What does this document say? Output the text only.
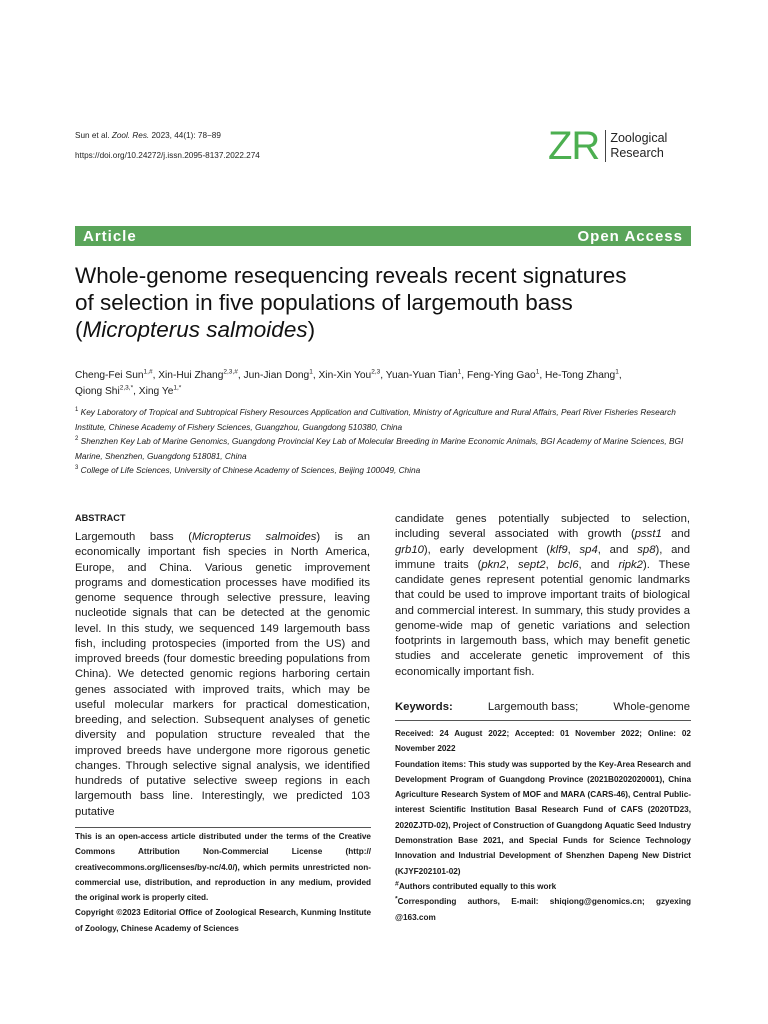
Sun et al. Zool. Res. 2023, 44(1): 78−89
https://doi.org/10.24272/j.issn.2095-8137.2022.274	ZR Zoological
Research
Article	Open Access
Whole-genome resequencing reveals recent signatures
of selection in five populations of largemouth bass
(Micropterus salmoides)
Cheng-Fei Sun$^{1,\#}$, Xin-Hui Zhang$^{2,3,\#}$, Jun-Jian Dong$^1$, Xin-Xin You$^{2,3}$, Yuan-Yuan Tian$^1$, Feng-Ying Gao$^1$, He-Tong Zhang$^1$,
Qiong Shi$^{2,3,*}$, Xing $Ye^{1,*}$
$^1$ Key Laboratory of Tropical and Subtropical Fishery Resources Application and Cultivation, Ministry of Agriculture and Rural Affairs, Pearl River Fisheries Research Institute, Chinese Academy of Fishery Sciences, Guangzhou, Guangdong 510380, China
$^2$ Shenzhen Key Lab of Marine Genomics, Guangdong Provincial Key Lab of Molecular Breeding in Marine Economic Animals, BGI Academy of Marine Sciences, BGI Marine, Shenzhen, Guangdong 518081, China
$^3$ College of Life Sciences, University of Chinese Academy of Sciences, Beijing 100049, China
ABSTRACT
Largemouth bass (Micropterus salmoides) is an economically important fish species in North America, Europe, and China. Various genetic improvement programs and domestication processes have modified its genome sequence through selective pressure, leaving nucleotide signals that can be detected at the genomic level. In this study, we sequenced 149 largemouth bass fish, including protospecies (imported from the US) and improved breeds (four domestic breeding populations from China). We detected genomic regions harboring certain genes associated with improved traits, which may be useful molecular markers for practical domestication, breeding, and selection. Subsequent analyses of genetic diversity and population structure revealed that the improved breeds have undergone more rigorous genetic changes. Through selective signal analysis, we identified hundreds of putative selective sweep regions in each largemouth bass line. Interestingly, we predicted 103 putative
candidate genes potentially subjected to selection, including several associated with growth (psst1 and grb10), early development (klf9, sp4, and sp8), and immune traits (pkn2, sept2, bcl6, and ripk2). These candidate genes represent potential genomic landmarks that could be used to improve important traits of biological and commercial interest. In summary, this study provides a genome-wide map of genetic variations and selection footprints in largemouth bass, which may benefit genetic studies and accelerate genetic improvement of this economically important fish.
Keywords:	Largemouth bass;	Whole-genome

This is an open-access article distributed under the terms of the Creative Commons Attribution Non-Commercial License (http:// creativecommons.org/licenses/by-nc/4.0/), which permits unrestricted non-commercial use, distribution, and reproduction in any medium, provided the original work is properly cited.

Copyright ©2023 Editorial Office of Zoological Research, Kunming Institute of Zoology, Chinese Academy of Sciences

Received: 24 August 2022; Accepted: 01 November 2022; Online: 02 November 2022

Foundation items: This study was supported by the Key-Area Research and Development Program of Guangdong Province (2021B0202020001), China Agriculture Research System of MOF and MARA (CARS-46), Central Public-interest Scientific Institution Basal Research Fund of CAFS (2020TD23, 2020ZJTD-02), Project of Construction of Guangdong Aquatic Seed Industry Demonstration Base 2021, and Special Funds for Science Technology Innovation and Industrial Development of Shenzhen Dapeng New District (KJYF202101-02)

#Authors contributed equally to this work

*Corresponding authors, E-mail: shiqiong@genomics.cn; gzyexing @163.com
